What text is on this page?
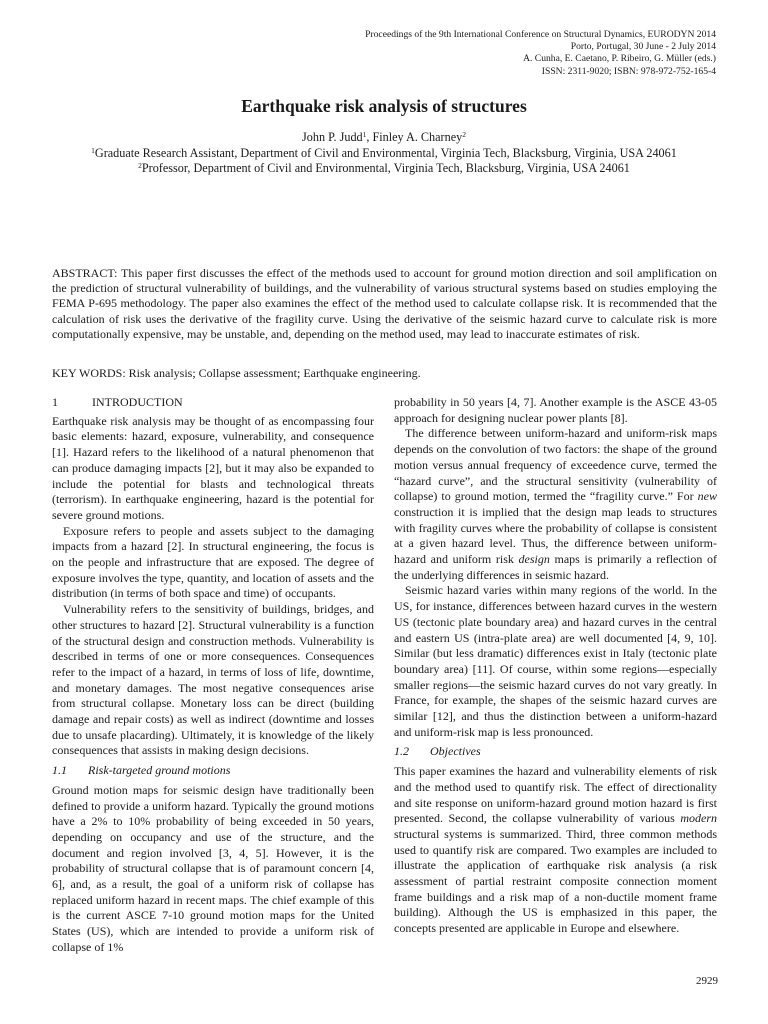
Proceedings of the 9th International Conference on Structural Dynamics, EURODYN 2014
Porto, Portugal, 30 June - 2 July 2014
A. Cunha, E. Caetano, P. Ribeiro, G. Müller (eds.)
ISSN: 2311-9020; ISBN: 978-972-752-165-4
Earthquake risk analysis of structures
John P. Judd$^1$, Finley A. Charney$^2$
$^1$Graduate Research Assistant, Department of Civil and Environmental, Virginia Tech, Blacksburg, Virginia, USA 24061
$^2$Professor, Department of Civil and Environmental, Virginia Tech, Blacksburg, Virginia, USA 24061
ABSTRACT: This paper first discusses the effect of the methods used to account for ground motion direction and soil amplification on the prediction of structural vulnerability of buildings, and the vulnerability of various structural systems based on studies employing the FEMA P-695 methodology. The paper also examines the effect of the method used to calculate collapse risk. It is recommended that the calculation of risk uses the derivative of the fragility curve. Using the derivative of the seismic hazard curve to calculate risk is more computationally expensive, may be unstable, and, depending on the method used, may lead to inaccurate estimates of risk.
KEY WORDS: Risk analysis; Collapse assessment; Earthquake engineering.
1	INTRODUCTION

Earthquake risk analysis may be thought of as encompassing four basic elements: hazard, exposure, vulnerability, and consequence [1]. Hazard refers to the likelihood of a natural phenomenon that can produce damaging impacts [2], but it may also be expanded to include the potential for blasts and technological threats (terrorism). In earthquake engineering, hazard is the potential for severe ground motions.

Exposure refers to people and assets subject to the damaging impacts from a hazard [2]. In structural engineering, the focus is on the people and infrastructure that are exposed. The degree of exposure involves the type, quantity, and location of assets and the distribution (in terms of both space and time) of occupants.

Vulnerability refers to the sensitivity of buildings, bridges, and other structures to hazard [2]. Structural vulnerability is a function of the structural design and construction methods. Vulnerability is described in terms of one or more consequences. Consequences refer to the impact of a hazard, in terms of loss of life, downtime, and monetary damages. The most negative consequences arise from structural collapse. Monetary loss can be direct (building damage and repair costs) as well as indirect (downtime and losses due to unsafe placarding). Ultimately, it is knowledge of the likely consequences that assists in making design decisions.

1.1 Risk-targeted ground motions

Ground motion maps for seismic design have traditionally been defined to provide a uniform hazard. Typically the ground motions have a 2% to 10% probability of being exceeded in 50 years, depending on occupancy and use of the structure, and the document and region involved [3, 4, 5]. However, it is the probability of structural collapse that is of paramount concern [4, 6], and, as a result, the goal of a uniform risk of collapse has replaced uniform hazard in recent maps. The chief example of this is the current ASCE 7-10 ground motion maps for the United States (US), which are intended to provide a uniform risk of collapse of 1%

probability in 50 years [4, 7]. Another example is the ASCE 43-05 approach for designing nuclear power plants [8].

The difference between uniform-hazard and uniform-risk maps depends on the convolution of two factors: the shape of the ground motion versus annual frequency of exceedence curve, termed the “hazard curve”, and the structural sensitivity (vulnerability of collapse) to ground motion, termed the “fragility curve.” For new construction it is implied that the design map leads to structures with fragility curves where the probability of collapse is consistent at a given hazard level. Thus, the difference between uniform-hazard and uniform risk design maps is primarily a reflection of the underlying differences in seismic hazard.

Seismic hazard varies within many regions of the world. In the US, for instance, differences between hazard curves in the western US (tectonic plate boundary area) and hazard curves in the central and eastern US (intra-plate area) are well documented [4, 9, 10]. Similar (but less dramatic) differences exist in Italy (tectonic plate boundary area) [11]. Of course, within some regions—especially smaller regions—the seismic hazard curves do not vary greatly. In France, for example, the shapes of the seismic hazard curves are similar [12], and thus the distinction between a uniform-hazard and uniform-risk map is less pronounced.

1.2 Objectives

This paper examines the hazard and vulnerability elements of risk and the method used to quantify risk. The effect of directionality and site response on uniform-hazard ground motion hazard is first presented. Second, the collapse vulnerability of various modern structural systems is summarized. Third, three common methods used to quantify risk are compared. Two examples are included to illustrate the application of earthquake risk analysis (a risk assessment of partial restraint composite connection moment frame buildings and a risk map of a non-ductile moment frame building). Although the US is emphasized in this paper, the concepts presented are applicable in Europe and elsewhere.

2929
